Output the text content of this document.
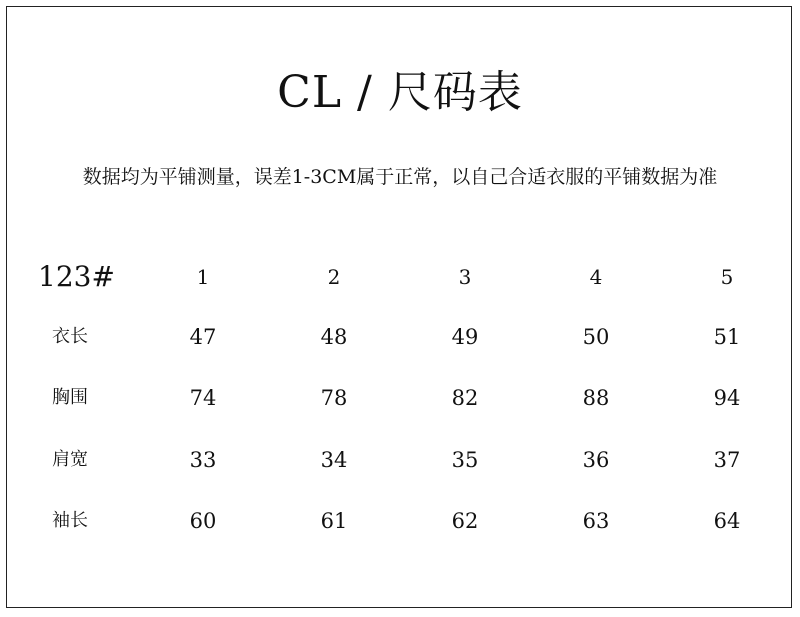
CL / 尺码表
数据均为平铺测量，误差1-3CM属于正常，以自己合适衣服的平铺数据为准
123#	1	2	3	4	5
衣长	47	48	49	50	51
胸围	74	78	82	88	94
肩宽	33	34	35	36	37
袖长	60	61	62	63	64
